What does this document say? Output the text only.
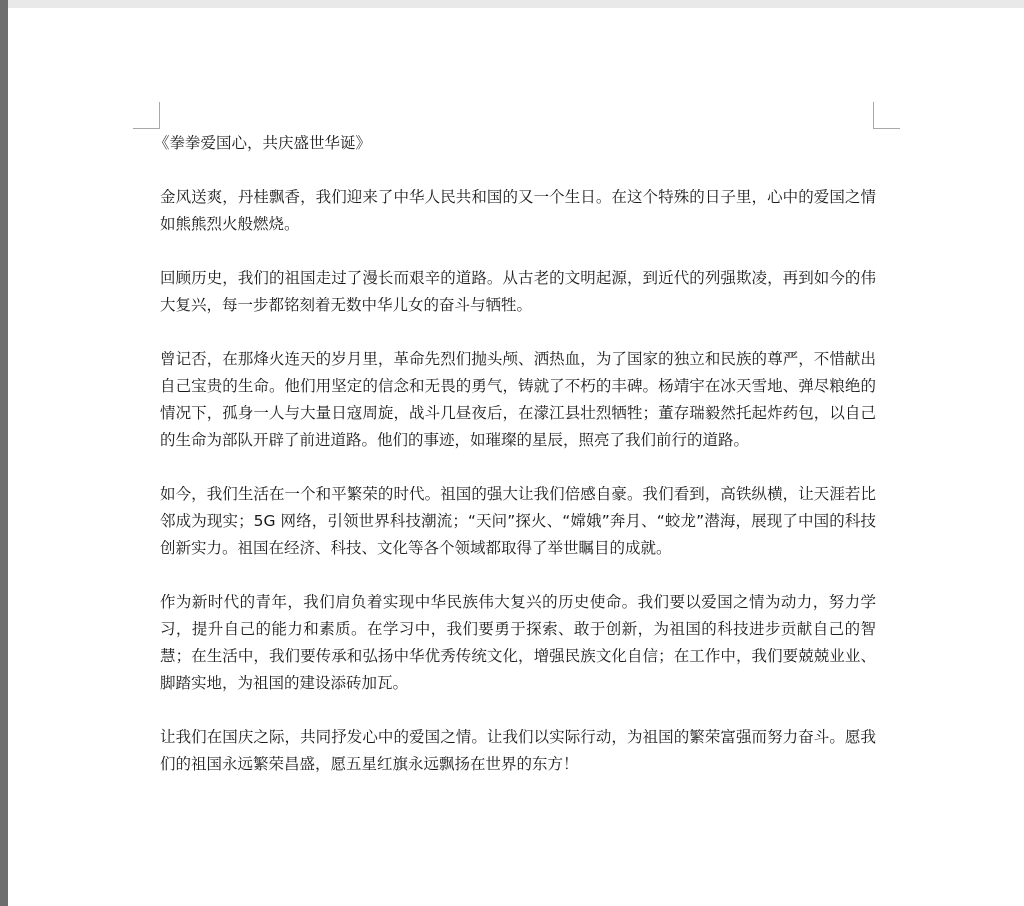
《拳拳爱国心，共庆盛世华诞》

金风送爽，丹桂飘香，我们迎来了中华人民共和国的又一个生日。在这个特殊的日子里，心中的爱国之情如熊熊烈火般燃烧。

回顾历史，我们的祖国走过了漫长而艰辛的道路。从古老的文明起源，到近代的列强欺凌，再到如今的伟大复兴，每一步都铭刻着无数中华儿女的奋斗与牺牲。

曾记否，在那烽火连天的岁月里，革命先烈们抛头颅、洒热血，为了国家的独立和民族的尊严，不惜献出自己宝贵的生命。他们用坚定的信念和无畏的勇气，铸就了不朽的丰碑。杨靖宇在冰天雪地、弹尽粮绝的情况下，孤身一人与大量日寇周旋，战斗几昼夜后，在濛江县壮烈牺牲；董存瑞毅然托起炸药包，以自己的生命为部队开辟了前进道路。他们的事迹，如璀璨的星辰，照亮了我们前行的道路。

如今，我们生活在一个和平繁荣的时代。祖国的强大让我们倍感自豪。我们看到，高铁纵横，让天涯若比邻成为现实；5G 网络，引领世界科技潮流；“天问”探火、“嫦娥”奔月、“蛟龙”潜海，展现了中国的科技创新实力。祖国在经济、科技、文化等各个领域都取得了举世瞩目的成就。

作为新时代的青年，我们肩负着实现中华民族伟大复兴的历史使命。我们要以爱国之情为动力，努力学习，提升自己的能力和素质。在学习中，我们要勇于探索、敢于创新，为祖国的科技进步贡献自己的智慧；在生活中，我们要传承和弘扬中华优秀传统文化，增强民族文化自信；在工作中，我们要兢兢业业、脚踏实地，为祖国的建设添砖加瓦。

让我们在国庆之际，共同抒发心中的爱国之情。让我们以实际行动，为祖国的繁荣富强而努力奋斗。愿我们的祖国永远繁荣昌盛，愿五星红旗永远飘扬在世界的东方！
